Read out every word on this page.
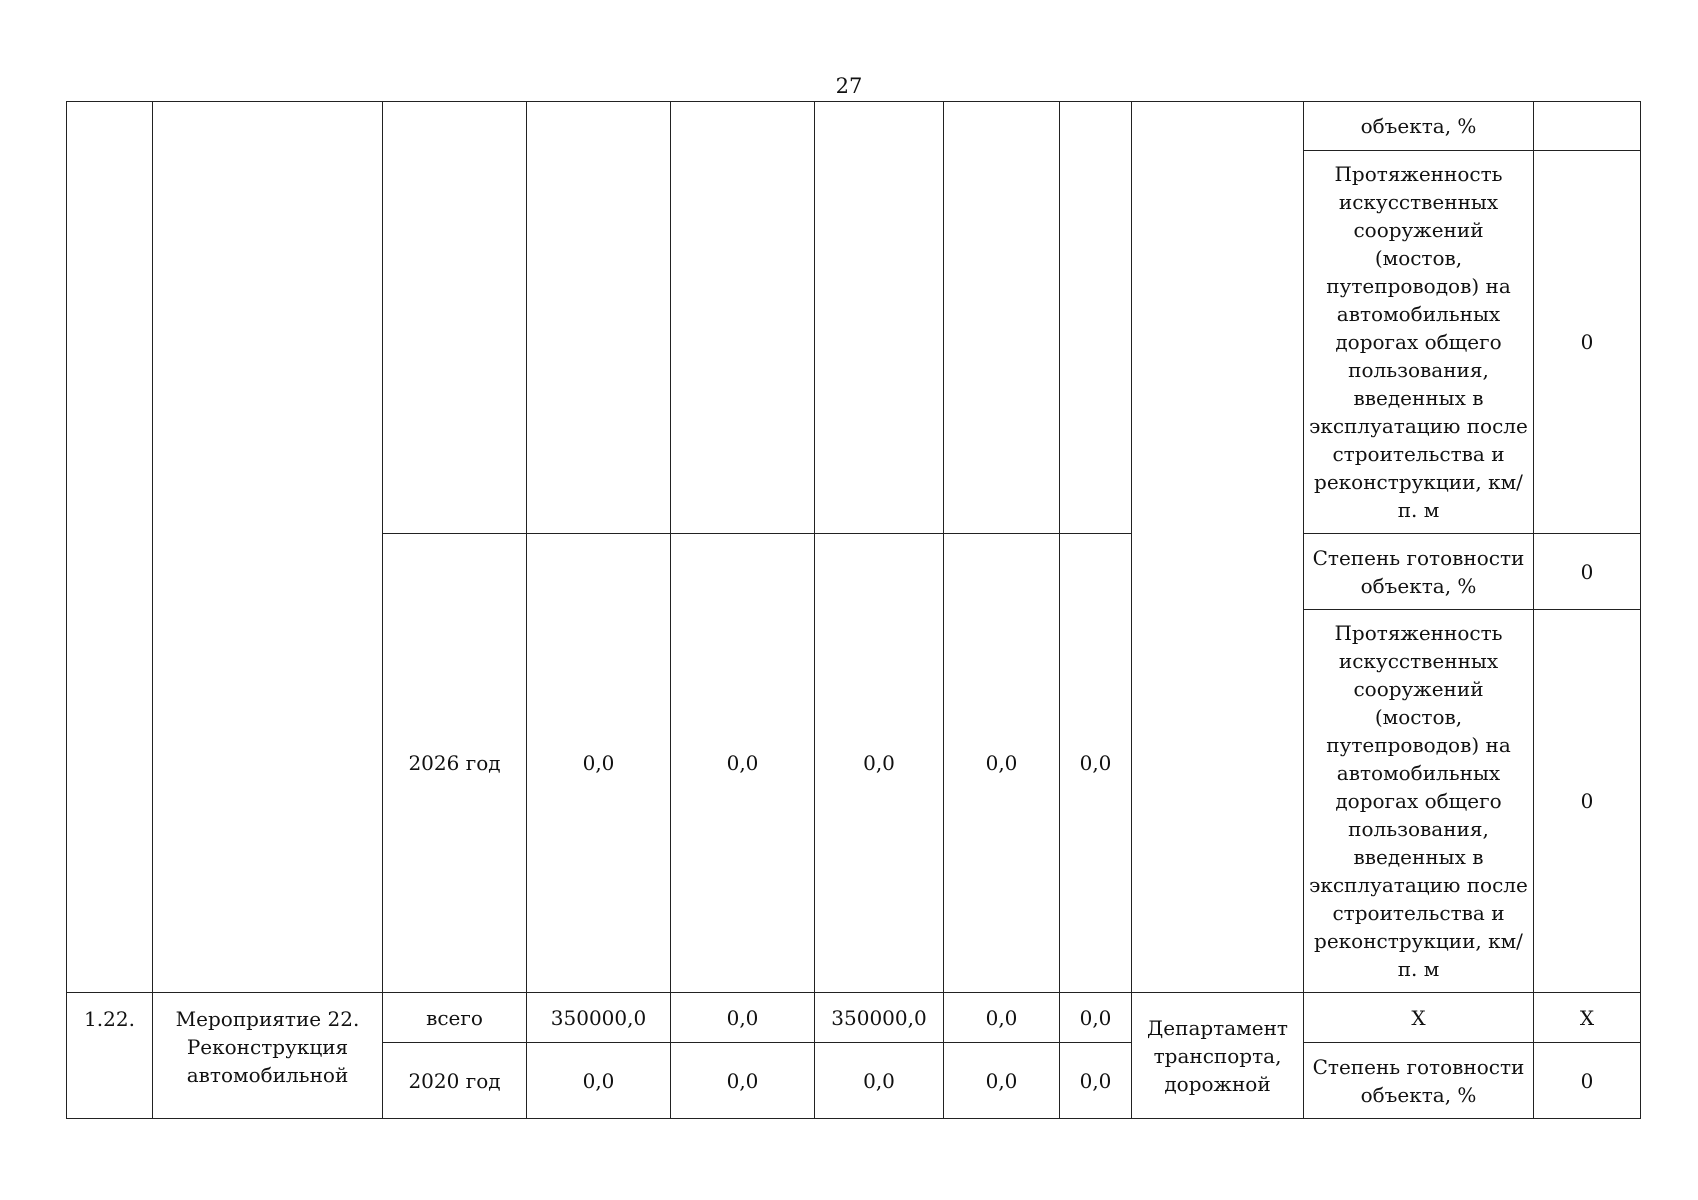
27
									объекта, %	
									Протяженность искусственных сооружений (мостов, путепроводов) на автомобильных дорогах общего пользования, введенных в эксплуатацию после строительства и реконструкции, км/п. м	0
		2026 год	0,0	0,0	0,0	0,0	0,0		Степень готовности объекта, %	0
									Протяженность искусственных сооружений (мостов, путепроводов) на автомобильных дорогах общего пользования, введенных в эксплуатацию после строительства и реконструкции, км/п. м	0
1.22.	Мероприятие 22. Реконструкция автомобильной	всего	350000,0	0,0	350000,0	0,0	0,0	Департамент транспорта, дорожной	Х	Х
		2020 год	0,0	0,0	0,0	0,0	0,0		Степень готовности объекта, %	0
